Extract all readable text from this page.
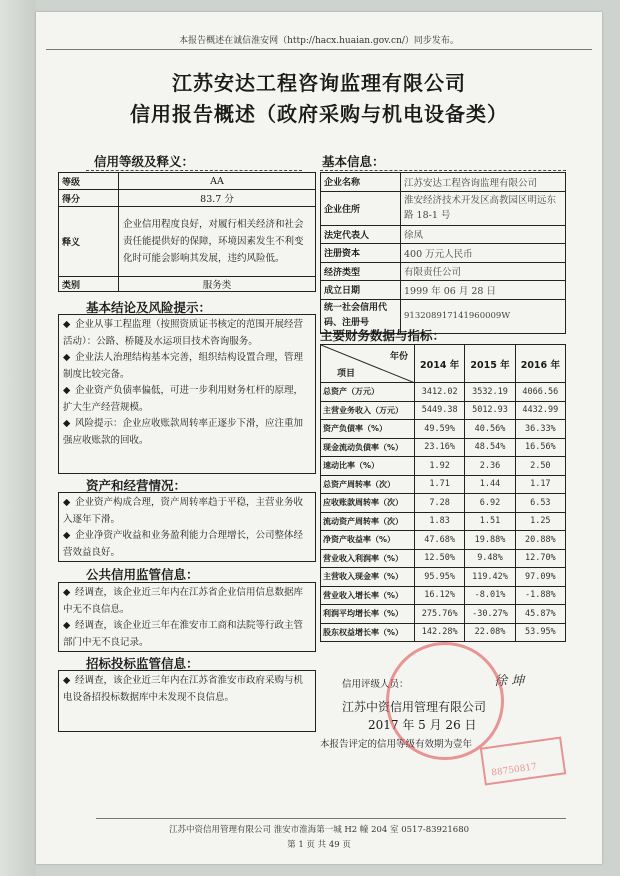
本报告概述在诚信淮安网（http://hacx.huaian.gov.cn/）同步发布。
江苏安达工程咨询监理有限公司
信用报告概述（政府采购与机电设备类）
信用等级及释义：
等级	AA
得分	83.7 分
释义	企业信用程度良好，对履行相关经济和社会责任能提供好的保障，环境因素发生不利变化时可能会影响其发展，违约风险低。
类别	服务类
基本结论及风险提示：
◆ 企业从事工程监理（按照资质证书核定的范围开展经营活动）：公路、桥隧及水运项目技术咨询服务。
◆ 企业法人治理结构基本完善，组织结构设置合理，管理制度比较完备。
◆ 企业资产负债率偏低，可进一步利用财务杠杆的原理，扩大生产经营规模。
◆ 风险提示：企业应收账款周转率正逐步下滑，应注重加强应收账款的回收。
资产和经营情况：
◆ 企业资产构成合理，资产周转率趋于平稳，主营业务收入逐年下滑。
◆ 企业净资产收益和业务盈利能力合理增长，公司整体经营效益良好。
公共信用监管信息：
◆ 经调查，该企业近三年内在江苏省企业信用信息数据库中无不良信息。
◆ 经调查，该企业近三年在淮安市工商和法院等行政主管部门中无不良记录。
招标投标监管信息：
◆ 经调查，该企业近三年内在江苏省淮安市政府采购与机电设备招投标数据库中未发现不良信息。
基本信息：
企业名称	江苏安达工程咨询监理有限公司
企业住所	淮安经济技术开发区高教园区明远东路 18-1 号
法定代表人	徐凤
注册资本	400 万元人民币
经济类型	有限责任公司
成立日期	1999 年 06 月 28 日
统一社会信用代码、注册号	913208917141960009W
主要财务数据与指标：
年份
项目	2014 年	2015 年	2016 年
总资产（万元）	3412.02	3532.19	4066.56
主营业务收入（万元）	5449.38	5012.93	4432.99
资产负债率（%）	49.59%	40.56%	36.33%
现金流动负债率（%）	23.16%	48.54%	16.56%
速动比率（%）	1.92	2.36	2.50
总资产周转率（次）	1.71	1.44	1.17
应收账款周转率（次）	7.28	6.92	6.53
流动资产周转率（次）	1.83	1.51	1.25
净资产收益率（%）	47.68%	19.88%	20.88%
营业收入利润率（%）	12.50%	9.48%	12.70%
主营收入现金率（%）	95.95%	119.42%	97.09%
营业收入增长率（%）	16.12%	-8.01%	-1.88%
利润平均增长率（%）	275.76%	-30.27%	45.87%
股东权益增长率（%）	142.28%	22.08%	53.95%
信用评级人员：	徐 坤
江苏中资信用管理有限公司
2017 年 5 月 26 日
本报告评定的信用等级有效期为壹年
88750817
江苏中资信用管理有限公司 淮安市淮海第一城 H2 幢 204 室 0517-83921680
第 1 页 共 49 页
